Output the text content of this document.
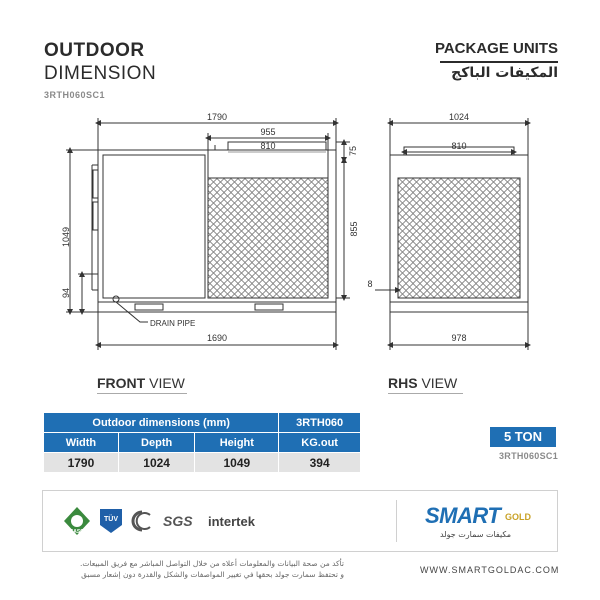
OUTDOOR
DIMENSION
3RTH060SC1
PACKAGE UNITS
المكيفات الباكج
1790
955
810	75
855
1049
94
1690
DRAIN PIPE
1024
810
8
978
FRONT VIEW	RHS VIEW
Outdoor dimensions (mm)			3RTH060
Width	Depth	Height	KG.out
1790	1024	1049	394
5 TON
3RTH060SC1
SASO
TÜV	SGS intertek	SMART GOLD
مكيفات سمارت جولد
تأكد من صحة البيانات والمعلومات أعلاه من خلال التواصل المباشر مع فريق المبيعات.
و تحتفظ سمارت جولد بحقها في تغيير المواصفات والشكل والقدرة دون إشعار مسبق	WWW.SMARTGOLDAC.COM
